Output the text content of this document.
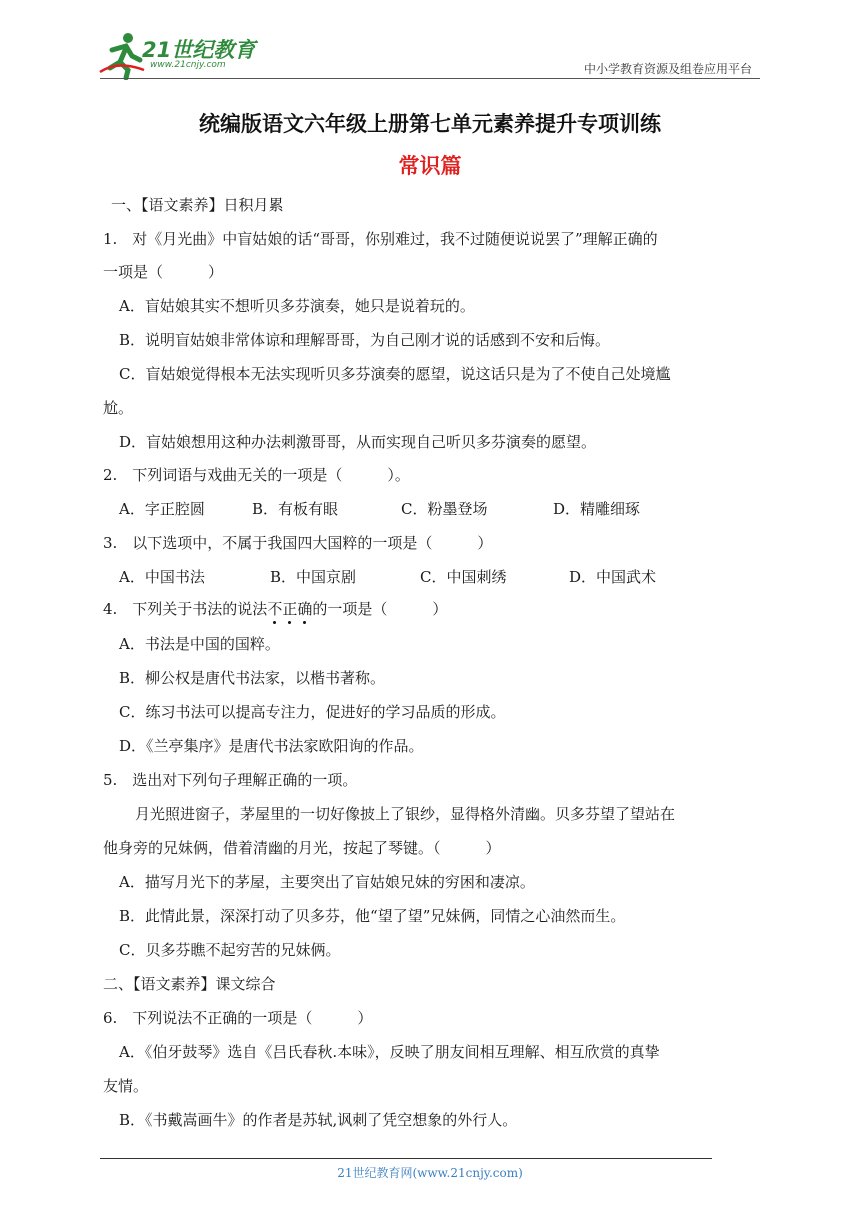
21世纪教育
www.21cnjy.com	中小学教育资源及组卷应用平台
统编版语文六年级上册第七单元素养提升专项训练
常识篇
一、【语文素养】日积月累
1.　对《月光曲》中盲姑娘的话“哥哥，你别难过，我不过随便说说罢了”理解正确的
一项是（　　　）
A．盲姑娘其实不想听贝多芬演奏，她只是说着玩的。
B．说明盲姑娘非常体谅和理解哥哥，为自己刚才说的话感到不安和后悔。
C．盲姑娘觉得根本无法实现听贝多芬演奏的愿望，说这话只是为了不使自己处境尴
尬。
D．盲姑娘想用这种办法刺激哥哥，从而实现自己听贝多芬演奏的愿望。
2.　下列词语与戏曲无关的一项是（　　　）。
A．字正腔圆	B．有板有眼	C．粉墨登场	D．精雕细琢
3.　以下选项中，不属于我国四大国粹的一项是（　　　）
A．中国书法	B．中国京剧	C．中国刺绣	D．中国武术
4.　下列关于书法的说法不正确的一项是（　　　）
A．书法是中国的国粹。
B．柳公权是唐代书法家，以楷书著称。
C．练习书法可以提高专注力，促进好的学习品质的形成。
D．《兰亭集序》是唐代书法家欧阳询的作品。
5.　选出对下列句子理解正确的一项。
月光照进窗子，茅屋里的一切好像披上了银纱，显得格外清幽。贝多芬望了望站在
他身旁的兄妹俩，借着清幽的月光，按起了琴键。（　　　）
A．描写月光下的茅屋，主要突出了盲姑娘兄妹的穷困和凄凉。
B．此情此景，深深打动了贝多芬，他“望了望”兄妹俩，同情之心油然而生。
C．贝多芬瞧不起穷苦的兄妹俩。
二、【语文素养】课文综合
6.　下列说法不正确的一项是（　　　）
A．《伯牙鼓琴》选自《吕氏春秋.本味》，反映了朋友间相互理解、相互欣赏的真挚
友情。
B．《书戴嵩画牛》的作者是苏轼,讽刺了凭空想象的外行人。
21世纪教育网(www.21cnjy.com)
